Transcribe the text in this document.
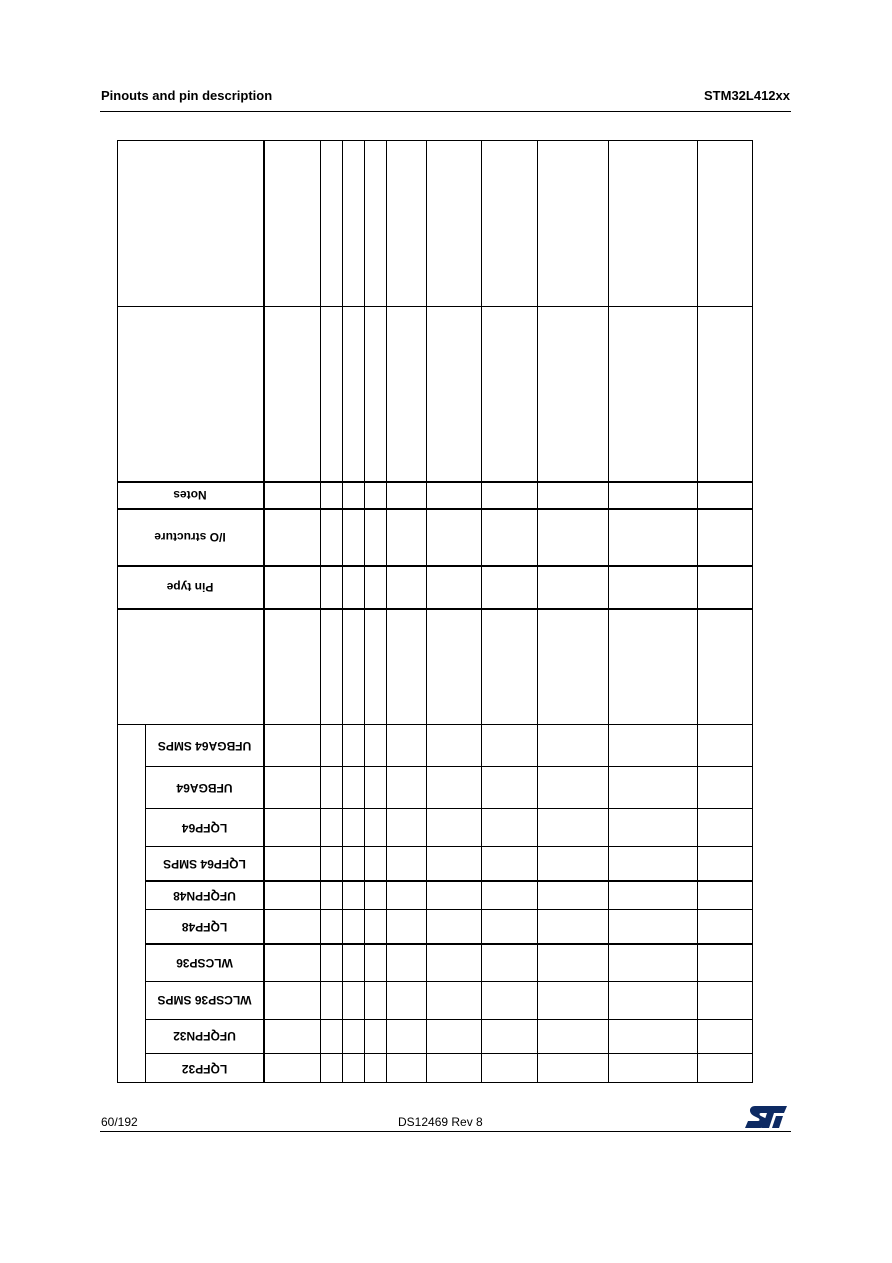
Pinouts and pin description	STM32L412xx
Notes
I/O structure
Pin type
UFBGA64 SMPS
UFBGA64
LQFP64
LQFP64 SMPS
UFQFPN48
LQFP48
WLCSP36
WLCSP36 SMPS
UFQFPN32
LQFP32
60/192	DS12469 Rev 8
